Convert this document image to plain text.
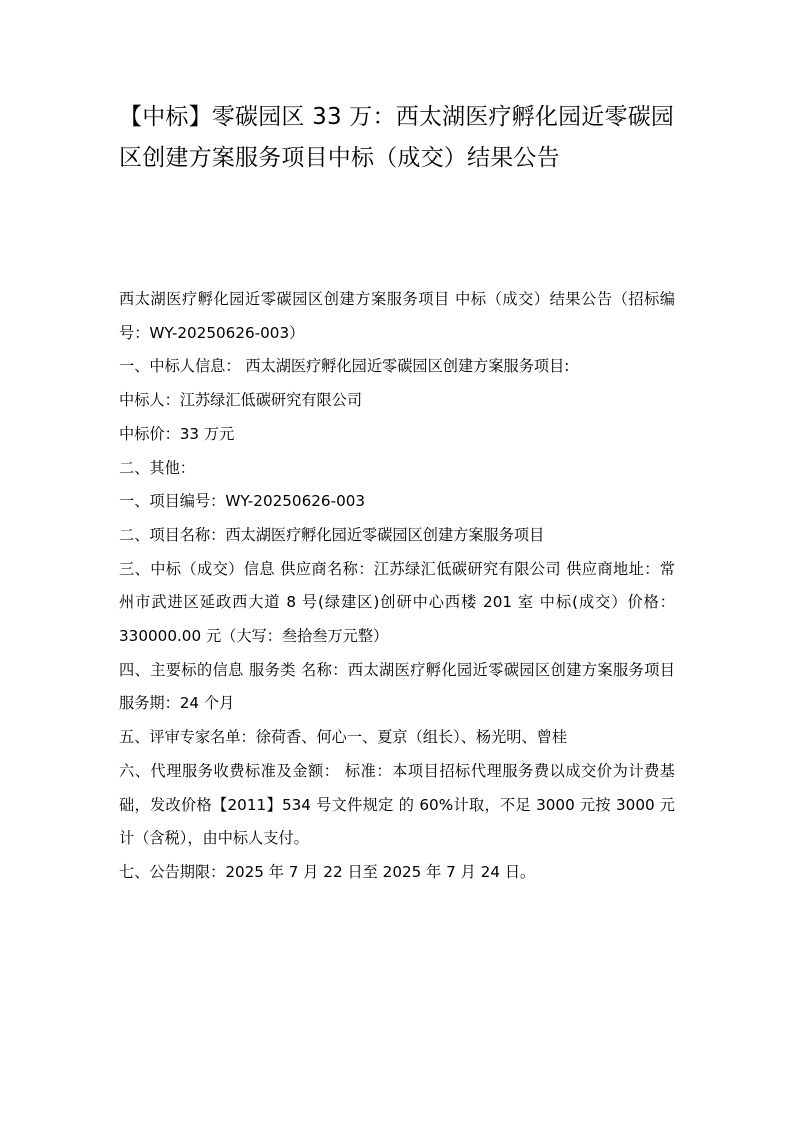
【中标】零碳园区 33 万：西太湖医疗孵化园近零碳园区创建方案服务项目中标（成交）结果公告

西太湖医疗孵化园近零碳园区创建方案服务项目 中标（成交）结果公告（招标编号：WY-20250626-003）

一、中标人信息： 西太湖医疗孵化园近零碳园区创建方案服务项目:

中标人：江苏绿汇低碳研究有限公司

中标价：33 万元

二、其他：

一、项目编号：WY-20250626-003

二、项目名称：西太湖医疗孵化园近零碳园区创建方案服务项目

三、中标（成交）信息 供应商名称：江苏绿汇低碳研究有限公司 供应商地址：常州市武进区延政西大道 8 号(绿建区)创研中心西楼 201 室 中标(成交）价格：330000.00 元（大写：叁拾叁万元整）

四、主要标的信息 服务类 名称：西太湖医疗孵化园近零碳园区创建方案服务项目 服务期：24 个月

五、评审专家名单：徐荷香、何心一、夏京（组长）、杨光明、曾桂

六、代理服务收费标准及金额： 标准：本项目招标代理服务费以成交价为计费基础，发改价格【2011】534 号文件规定 的 60%计取，不足 3000 元按 3000 元计（含税），由中标人支付。

七、公告期限：2025 年 7 月 22 日至 2025 年 7 月 24 日。
